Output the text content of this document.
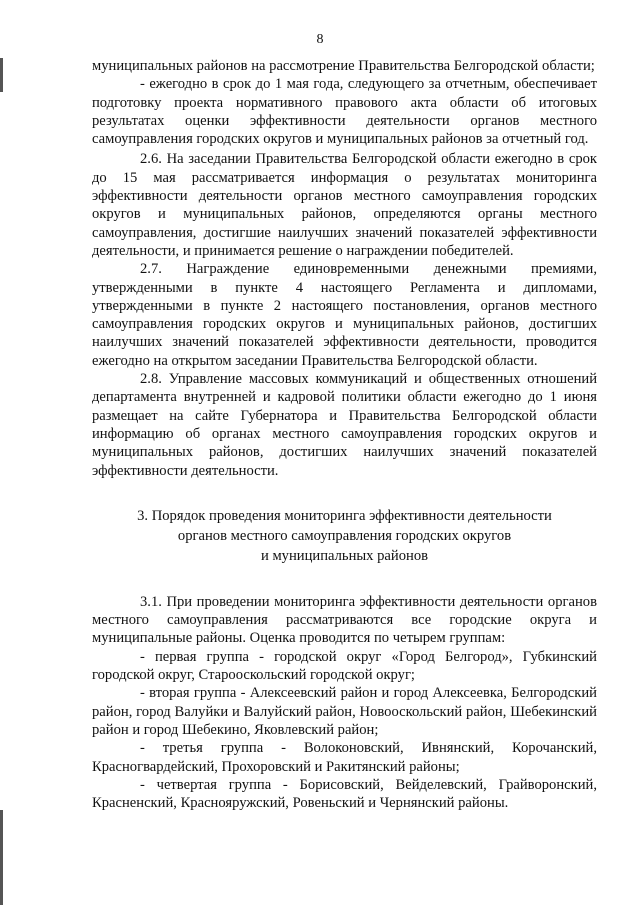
8

муниципальных районов на рассмотрение Правительства Белгородской области;

- ежегодно в срок до 1 мая года, следующего за отчетным, обеспечивает подготовку проекта нормативного правового акта области об итоговых результатах оценки эффективности деятельности органов местного самоуправления городских округов и муниципальных районов за отчетный год.

2.6. На заседании Правительства Белгородской области ежегодно в срок до 15 мая рассматривается информация о результатах мониторинга эффективности деятельности органов местного самоуправления городских округов и муниципальных районов, определяются органы местного самоуправления, достигшие наилучших значений показателей эффективности деятельности, и принимается решение о награждении победителей.

2.7. Награждение единовременными денежными премиями, утвержденными в пункте 4 настоящего Регламента и дипломами, утвержденными в пункте 2 настоящего постановления, органов местного самоуправления городских округов и муниципальных районов, достигших наилучших значений показателей эффективности деятельности, проводится ежегодно на открытом заседании Правительства Белгородской области.

2.8. Управление массовых коммуникаций и общественных отношений департамента внутренней и кадровой политики области ежегодно до 1 июня размещает на сайте Губернатора и Правительства Белгородской области информацию об органах местного самоуправления городских округов и муниципальных районов, достигших наилучших значений показателей эффективности деятельности.

3. Порядок проведения мониторинга эффективности деятельности
органов местного самоуправления городских округов
и муниципальных районов

3.1. При проведении мониторинга эффективности деятельности органов местного самоуправления рассматриваются все городские округа и муниципальные районы. Оценка проводится по четырем группам:

- первая группа - городской округ «Город Белгород», Губкинский городской округ, Старооскольский городской округ;

- вторая группа - Алексеевский район и город Алексеевка, Белгородский район, город Валуйки и Валуйский район, Новооскольский район, Шебекинский район и город Шебекино, Яковлевский район;

- третья группа - Волоконовский, Ивнянский, Корочанский, Красногвардейский, Прохоровский и Ракитянский районы;

- четвертая группа - Борисовский, Вейделевский, Грайворонский, Красненский, Краснояружский, Ровеньский и Чернянский районы.
